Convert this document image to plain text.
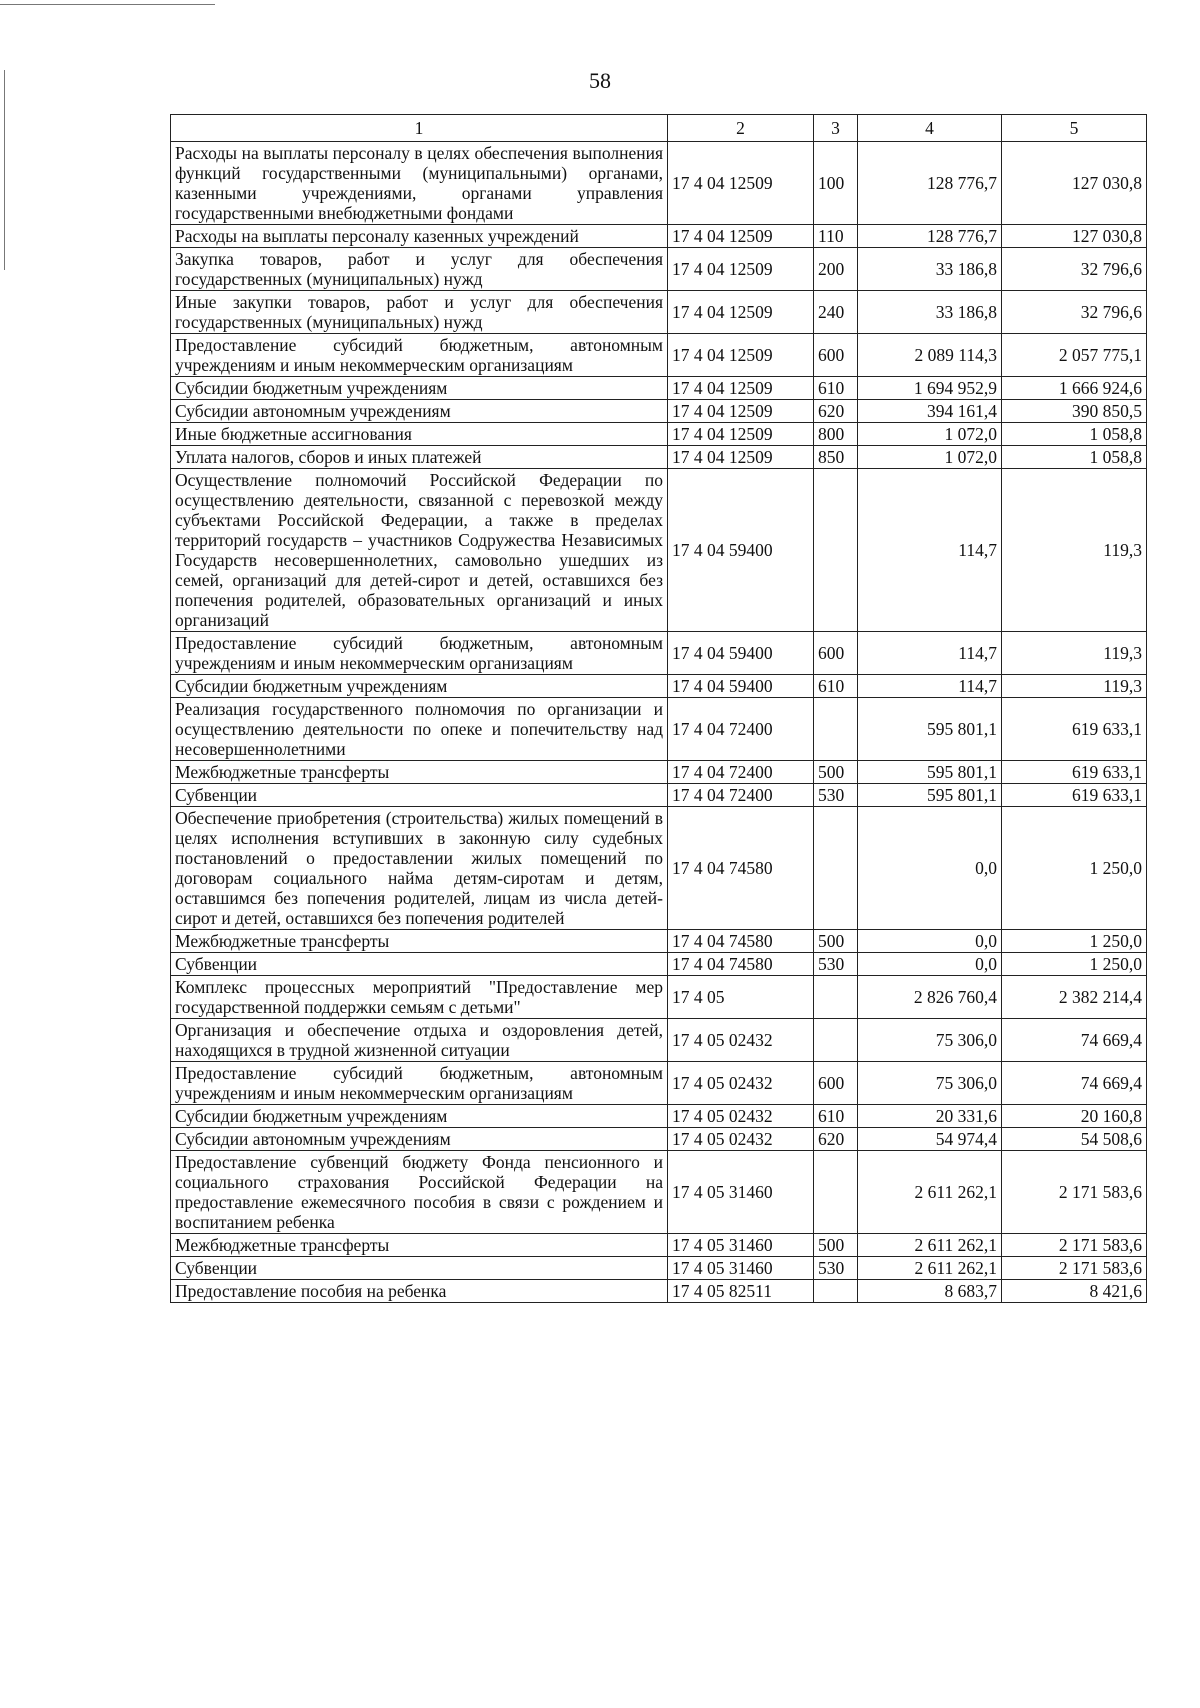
58
1	2	3	4	5
Расходы на выплаты персоналу в целях обеспечения выполнения функций государственными (муниципальными) органами, казенными учреждениями, органами управления государственными внебюджетными фондами	17 4 04 12509	100	128 776,7	127 030,8
Расходы на выплаты персоналу казенных учреждений	17 4 04 12509	110	128 776,7	127 030,8
Закупка товаров, работ и услуг для обеспечения государственных (муниципальных) нужд	17 4 04 12509	200	33 186,8	32 796,6
Иные закупки товаров, работ и услуг для обеспечения государственных (муниципальных) нужд	17 4 04 12509	240	33 186,8	32 796,6
Предоставление субсидий бюджетным, автономным учреждениям и иным некоммерческим организациям	17 4 04 12509	600	2 089 114,3	2 057 775,1
Субсидии бюджетным учреждениям	17 4 04 12509	610	1 694 952,9	1 666 924,6
Субсидии автономным учреждениям	17 4 04 12509	620	394 161,4	390 850,5
Иные бюджетные ассигнования	17 4 04 12509	800	1 072,0	1 058,8
Уплата налогов, сборов и иных платежей	17 4 04 12509	850	1 072,0	1 058,8
Осуществление полномочий Российской Федерации по осуществлению деятельности, связанной с перевозкой между субъектами Российской Федерации, а также в пределах территорий государств – участников Содружества Независимых Государств несовершеннолетних, самовольно ушедших из семей, организаций для детей-сирот и детей, оставшихся без попечения родителей, образовательных организаций и иных организаций	17 4 04 59400		114,7	119,3
Предоставление субсидий бюджетным, автономным учреждениям и иным некоммерческим организациям	17 4 04 59400	600	114,7	119,3
Субсидии бюджетным учреждениям	17 4 04 59400	610	114,7	119,3
Реализация государственного полномочия по организации и осуществлению деятельности по опеке и попечительству над несовершеннолетними	17 4 04 72400		595 801,1	619 633,1
Межбюджетные трансферты	17 4 04 72400	500	595 801,1	619 633,1
Субвенции	17 4 04 72400	530	595 801,1	619 633,1
Обеспечение приобретения (строительства) жилых помещений в целях исполнения вступивших в законную силу судебных постановлений о предоставлении жилых помещений по договорам социального найма детям-сиротам и детям, оставшимся без попечения родителей, лицам из числа детей-сирот и детей, оставшихся без попечения родителей	17 4 04 74580		0,0	1 250,0
Межбюджетные трансферты	17 4 04 74580	500	0,0	1 250,0
Субвенции	17 4 04 74580	530	0,0	1 250,0
Комплекс процессных мероприятий "Предоставление мер государственной поддержки семьям с детьми"	17 4 05		2 826 760,4	2 382 214,4
Организация и обеспечение отдыха и оздоровления детей, находящихся в трудной жизненной ситуации	17 4 05 02432		75 306,0	74 669,4
Предоставление субсидий бюджетным, автономным учреждениям и иным некоммерческим организациям	17 4 05 02432	600	75 306,0	74 669,4
Субсидии бюджетным учреждениям	17 4 05 02432	610	20 331,6	20 160,8
Субсидии автономным учреждениям	17 4 05 02432	620	54 974,4	54 508,6
Предоставление субвенций бюджету Фонда пенсионного и социального страхования Российской Федерации на предоставление ежемесячного пособия в связи с рождением и воспитанием ребенка	17 4 05 31460		2 611 262,1	2 171 583,6
Межбюджетные трансферты	17 4 05 31460	500	2 611 262,1	2 171 583,6
Субвенции	17 4 05 31460	530	2 611 262,1	2 171 583,6
Предоставление пособия на ребенка	17 4 05 82511		8 683,7	8 421,6
